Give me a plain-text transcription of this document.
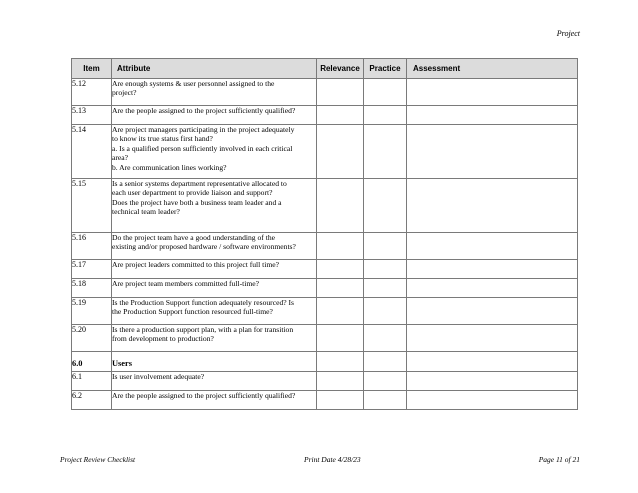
Project
Item	Attribute	Relevance	Practice	Assessment
5.12	Are enough systems & user personnel assigned to the
project?			

5.13	Are the people assigned to the project sufficiently qualified?			

5.14	Are project managers participating in the project adequately
to know its true status first hand?
a. Is a qualified person sufficiently involved in each critical
area?
b. Are communication lines working?			

5.15	Is a senior systems department representative allocated to
each user department to provide liaison and support?
Does the project have both a business team leader and a
technical team leader?			

5.16	Do the project team have a good understanding of the
existing and/or proposed hardware / software environments?			

5.17	Are project leaders committed to this project full time?			

5.18	Are project team members committed full-time?			

5.19	Is the Production Support function adequately resourced? Is
the Production Support function resourced full-time?			

5.20	Is there a production support plan, with a plan for transition
from development to production?			

6.0	Users			

6.1	Is user involvement adequate?			

6.2	Are the people assigned to the project sufficiently qualified?			

Project Review Checklist	Print Date 4/28/23	Page 11 of 21
